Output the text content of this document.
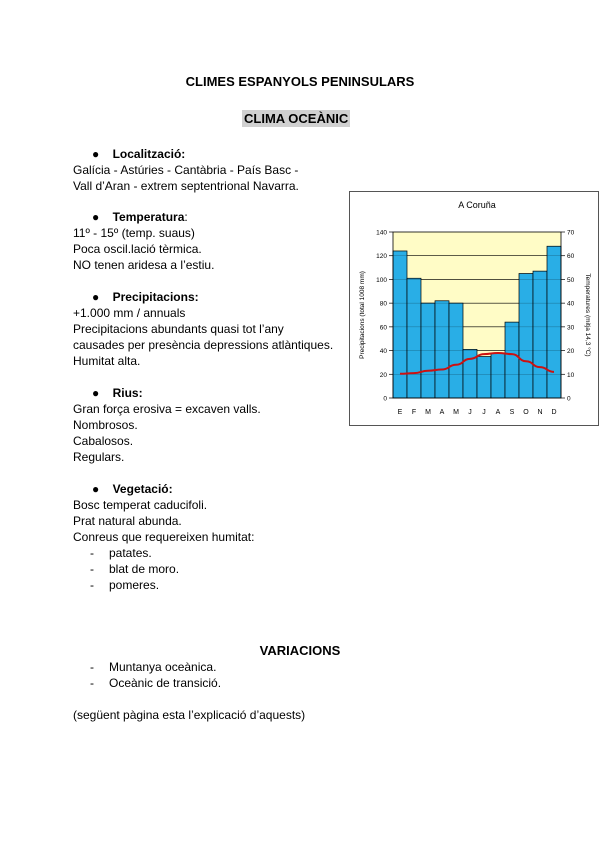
CLIMES ESPANYOLS PENINSULARS
CLIMA OCEÀNIC
● Localització:
Galícia - Astúries - Cantàbria - País Basc -
Vall d’Aran - extrem septentrional Navarra.
● Temperatura:
11º - 15º (temp. suaus)
Poca oscil.lació tèrmica.
NO tenen aridesa a l’estiu.
● Precipitacions:
+1.000 mm / annuals
Precipitacions abundants quasi tot l’any
causades per presència depressions atlàntiques.
Humitat alta.
● Rius:
Gran força erosiva = excaven valls.
Nombrosos.
Cabalosos.
Regulars.
● Vegetació:
Bosc temperat caducifoli.
Prat natural abunda.
Conreus que requereixen humitat:
- patates.
- blat de moro.
- pomeres.
VARIACIONS
- Muntanya oceànica.
- Oceànic de transició.
(següent pàgina esta l’explicació d’aquests)
A Coruña
0
20
40
60
80
100
120
140
0
10
20
30
40
50
60
70
E F M A M J J A S O N D
Precipitacions (total 1008 mm)	Temperatures (mitja 14,3 °C)
